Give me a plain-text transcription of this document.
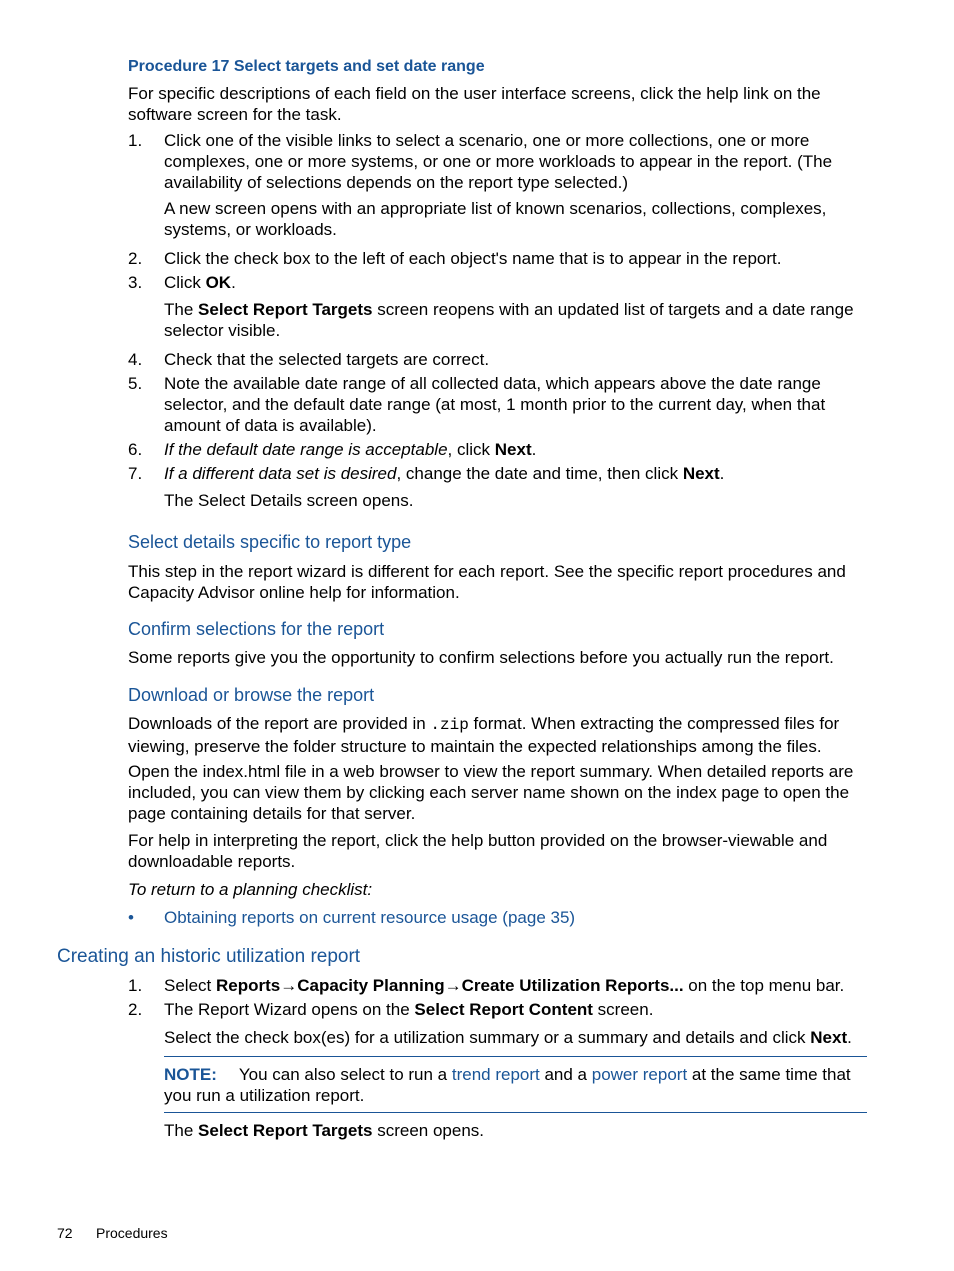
Procedure 17 Select targets and set date range
For specific descriptions of each field on the user interface screens, click the help link on the software screen for the task.
1. Click one of the visible links to select a scenario, one or more collections, one or more complexes, one or more systems, or one or more workloads to appear in the report. (The availability of selections depends on the report type selected.)
A new screen opens with an appropriate list of known scenarios, collections, complexes, systems, or workloads.
2. Click the check box to the left of each object's name that is to appear in the report.
3. Click OK.
The Select Report Targets screen reopens with an updated list of targets and a date range selector visible.
4. Check that the selected targets are correct.
5. Note the available date range of all collected data, which appears above the date range selector, and the default date range (at most, 1 month prior to the current day, when that amount of data is available).
6. If the default date range is acceptable, click Next.
7. If a different data set is desired, change the date and time, then click Next.
The Select Details screen opens.
Select details specific to report type
This step in the report wizard is different for each report. See the specific report procedures and Capacity Advisor online help for information.
Confirm selections for the report
Some reports give you the opportunity to confirm selections before you actually run the report.
Download or browse the report
Downloads of the report are provided in .zip format. When extracting the compressed files for viewing, preserve the folder structure to maintain the expected relationships among the files.
Open the index.html file in a web browser to view the report summary. When detailed reports are included, you can view them by clicking each server name shown on the index page to open the page containing details for that server.
For help in interpreting the report, click the help button provided on the browser-viewable and downloadable reports.
To return to a planning checklist:
• Obtaining reports on current resource usage (page 35)
Creating an historic utilization report
1. Select Reports→Capacity Planning→Create Utilization Reports... on the top menu bar.
2. The Report Wizard opens on the Select Report Content screen.
Select the check box(es) for a utilization summary or a summary and details and click Next.
NOTE: You can also select to run a trend report and a power report at the same time that you run a utilization report.
The Select Report Targets screen opens.
72 Procedures
